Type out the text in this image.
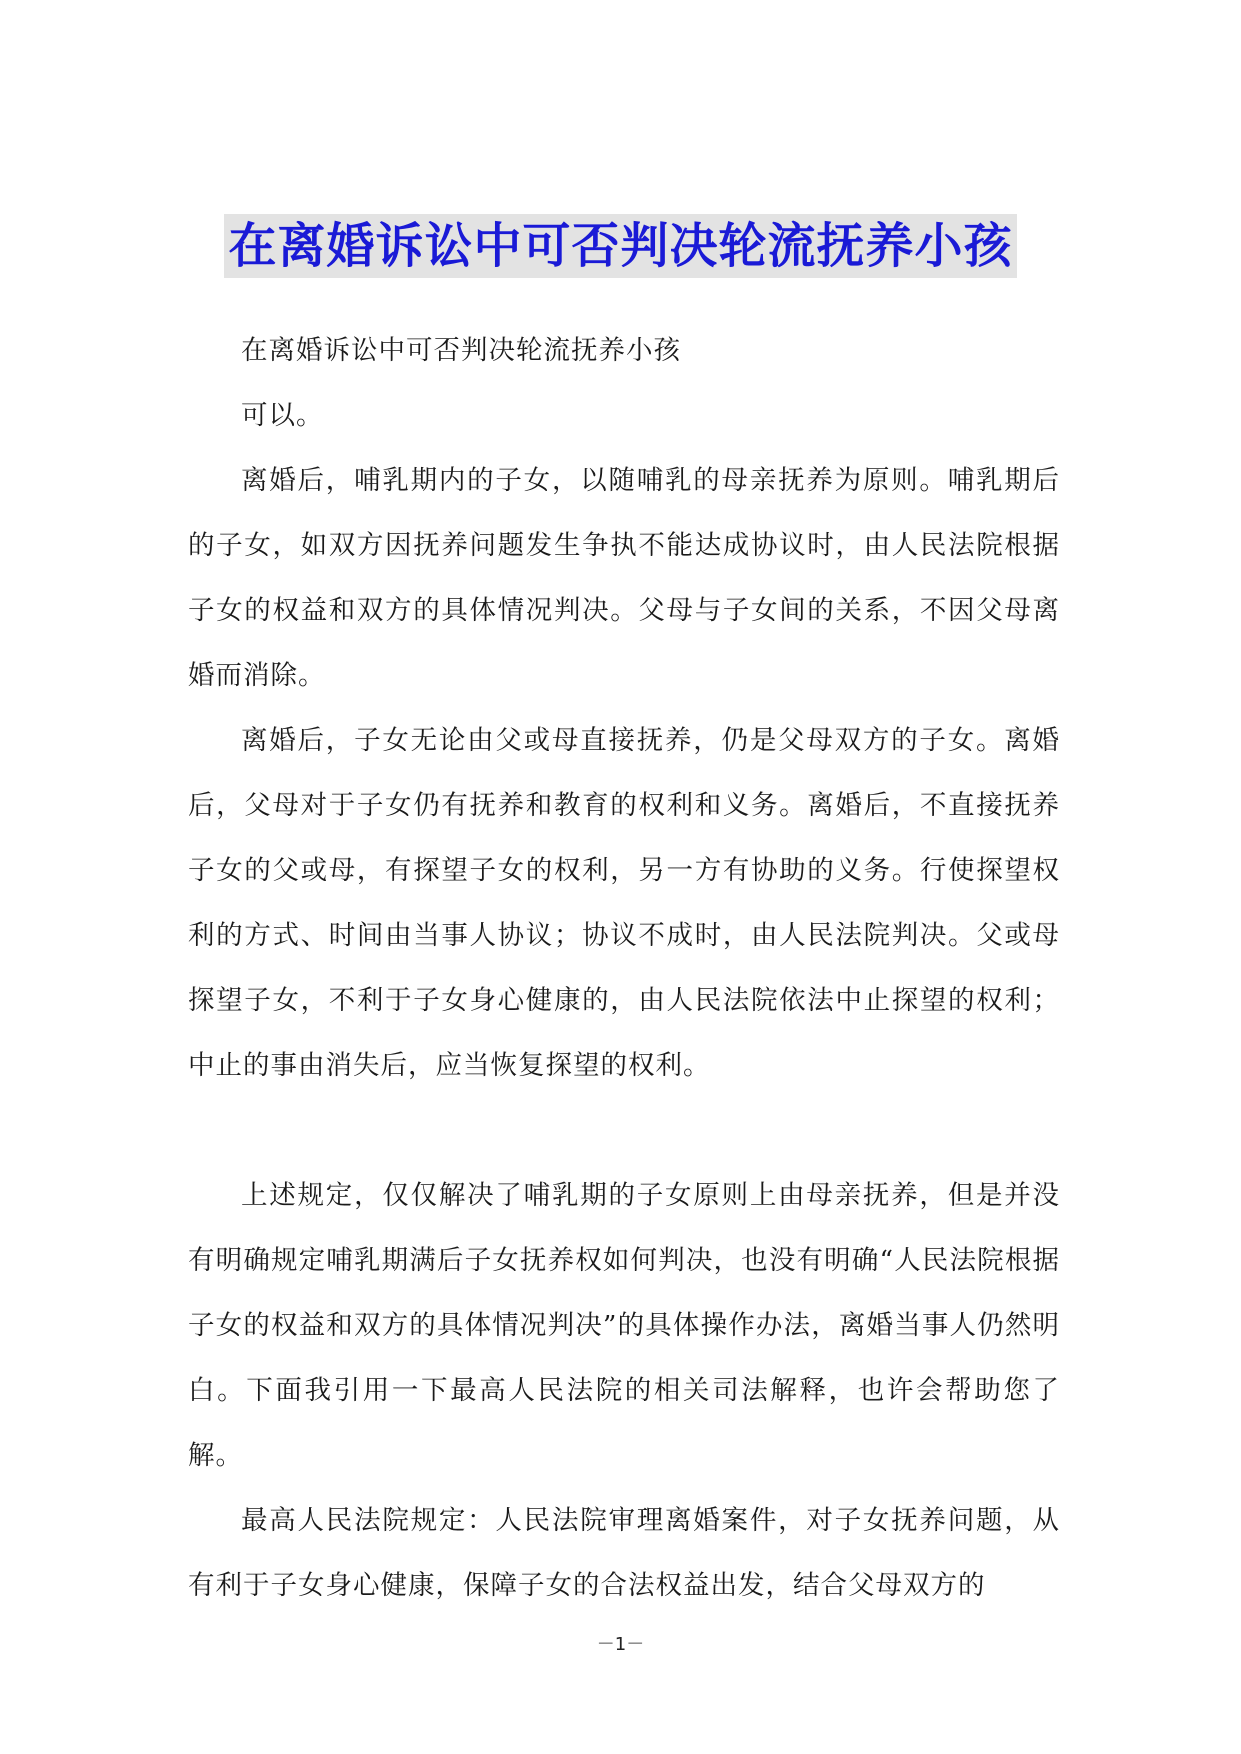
在离婚诉讼中可否判决轮流抚养小孩

在离婚诉讼中可否判决轮流抚养小孩

可以。

离婚后，哺乳期内的子女，以随哺乳的母亲抚养为原则。哺乳期后的子女，如双方因抚养问题发生争执不能达成协议时，由人民法院根据子女的权益和双方的具体情况判决。父母与子女间的关系，不因父母离婚而消除。

离婚后，子女无论由父或母直接抚养，仍是父母双方的子女。离婚后，父母对于子女仍有抚养和教育的权利和义务。离婚后，不直接抚养子女的父或母，有探望子女的权利，另一方有协助的义务。行使探望权利的方式、时间由当事人协议；协议不成时，由人民法院判决。父或母探望子女，不利于子女身心健康的，由人民法院依法中止探望的权利；中止的事由消失后，应当恢复探望的权利。

上述规定，仅仅解决了哺乳期的子女原则上由母亲抚养，但是并没有明确规定哺乳期满后子女抚养权如何判决，也没有明确“人民法院根据子女的权益和双方的具体情况判决”的具体操作办法，离婚当事人仍然明白。下面我引用一下最高人民法院的相关司法解释，也许会帮助您了解。

最高人民法院规定：人民法院审理离婚案件，对子女抚养问题，从有利于子女身心健康，保障子女的合法权益出发，结合父母双方的

－1－
